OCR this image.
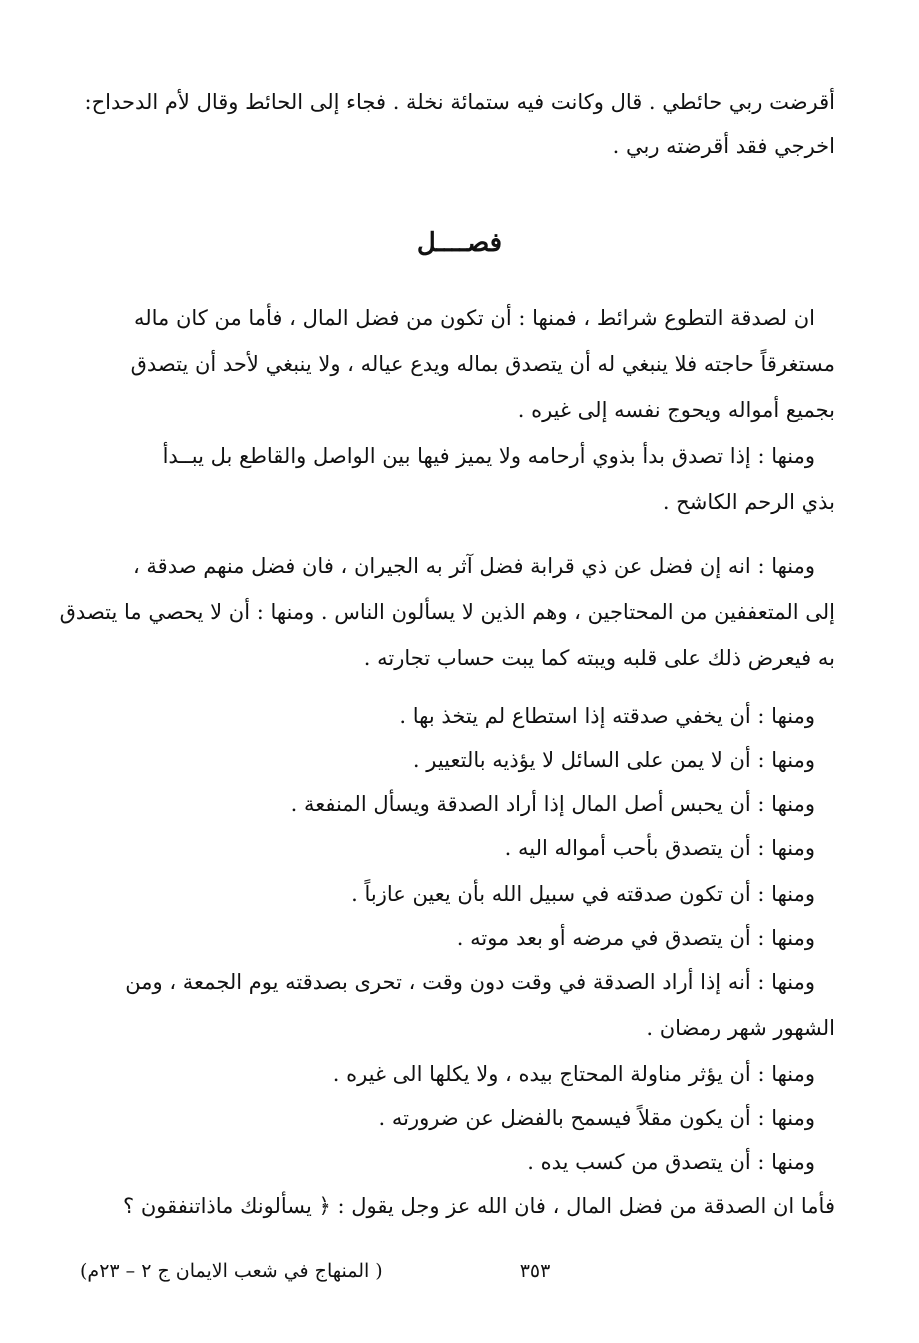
أقرضت ربي حائطي . قال وكانت فيه ستمائة نخلة . فجاء إلى الحائط وقال لأم الدحداح:
اخرجي فقد أقرضته ربي .
فصــــل
ان لصدقة التطوع شرائط ، فمنها : أن تكون من فضل المال ، فأما من كان ماله
مستغرقاً حاجته فلا ينبغي له أن يتصدق بماله ويدع عياله ، ولا ينبغي لأحد أن يتصدق
بجميع أمواله ويحوج نفسه إلى غيره .
ومنها : إذا تصدق بدأ بذوي أرحامه ولا يميز فيها بين الواصل والقاطع بل يبــدأ
بذي الرحم الكاشح .
ومنها : انه إن فضل عن ذي قرابة فضل آثر به الجيران ، فان فضل منهم صدقة ،
إلى المتعففين من المحتاجين ، وهم الذين لا يسألون الناس . ومنها : أن لا يحصي ما يتصدق
به فيعرض ذلك على قلبه ويبته كما يبت حساب تجارته .
ومنها : أن يخفي صدقته إذا استطاع لم يتخذ بها .
ومنها : أن لا يمن على السائل لا يؤذيه بالتعيير .
ومنها : أن يحبس أصل المال إذا أراد الصدقة ويسأل المنفعة .
ومنها : أن يتصدق بأحب أمواله اليه .
ومنها : أن تكون صدقته في سبيل الله بأن يعين عازباً .
ومنها : أن يتصدق في مرضه أو بعد موته .
ومنها : أنه إذا أراد الصدقة في وقت دون وقت ، تحرى بصدقته يوم الجمعة ، ومن
الشهور شهر رمضان .
ومنها : أن يؤثر مناولة المحتاج بيده ، ولا يكلها الى غيره .
ومنها : أن يكون مقلاً فيسمح بالفضل عن ضرورته .
ومنها : أن يتصدق من كسب يده .
فأما ان الصدقة من فضل المال ، فان الله عز وجل يقول : ﴿ يسألونك ماذاتنفقون ؟
٣٥٣
( المنهاج في شعب الايمان ج ٢ – ٢٣م)
